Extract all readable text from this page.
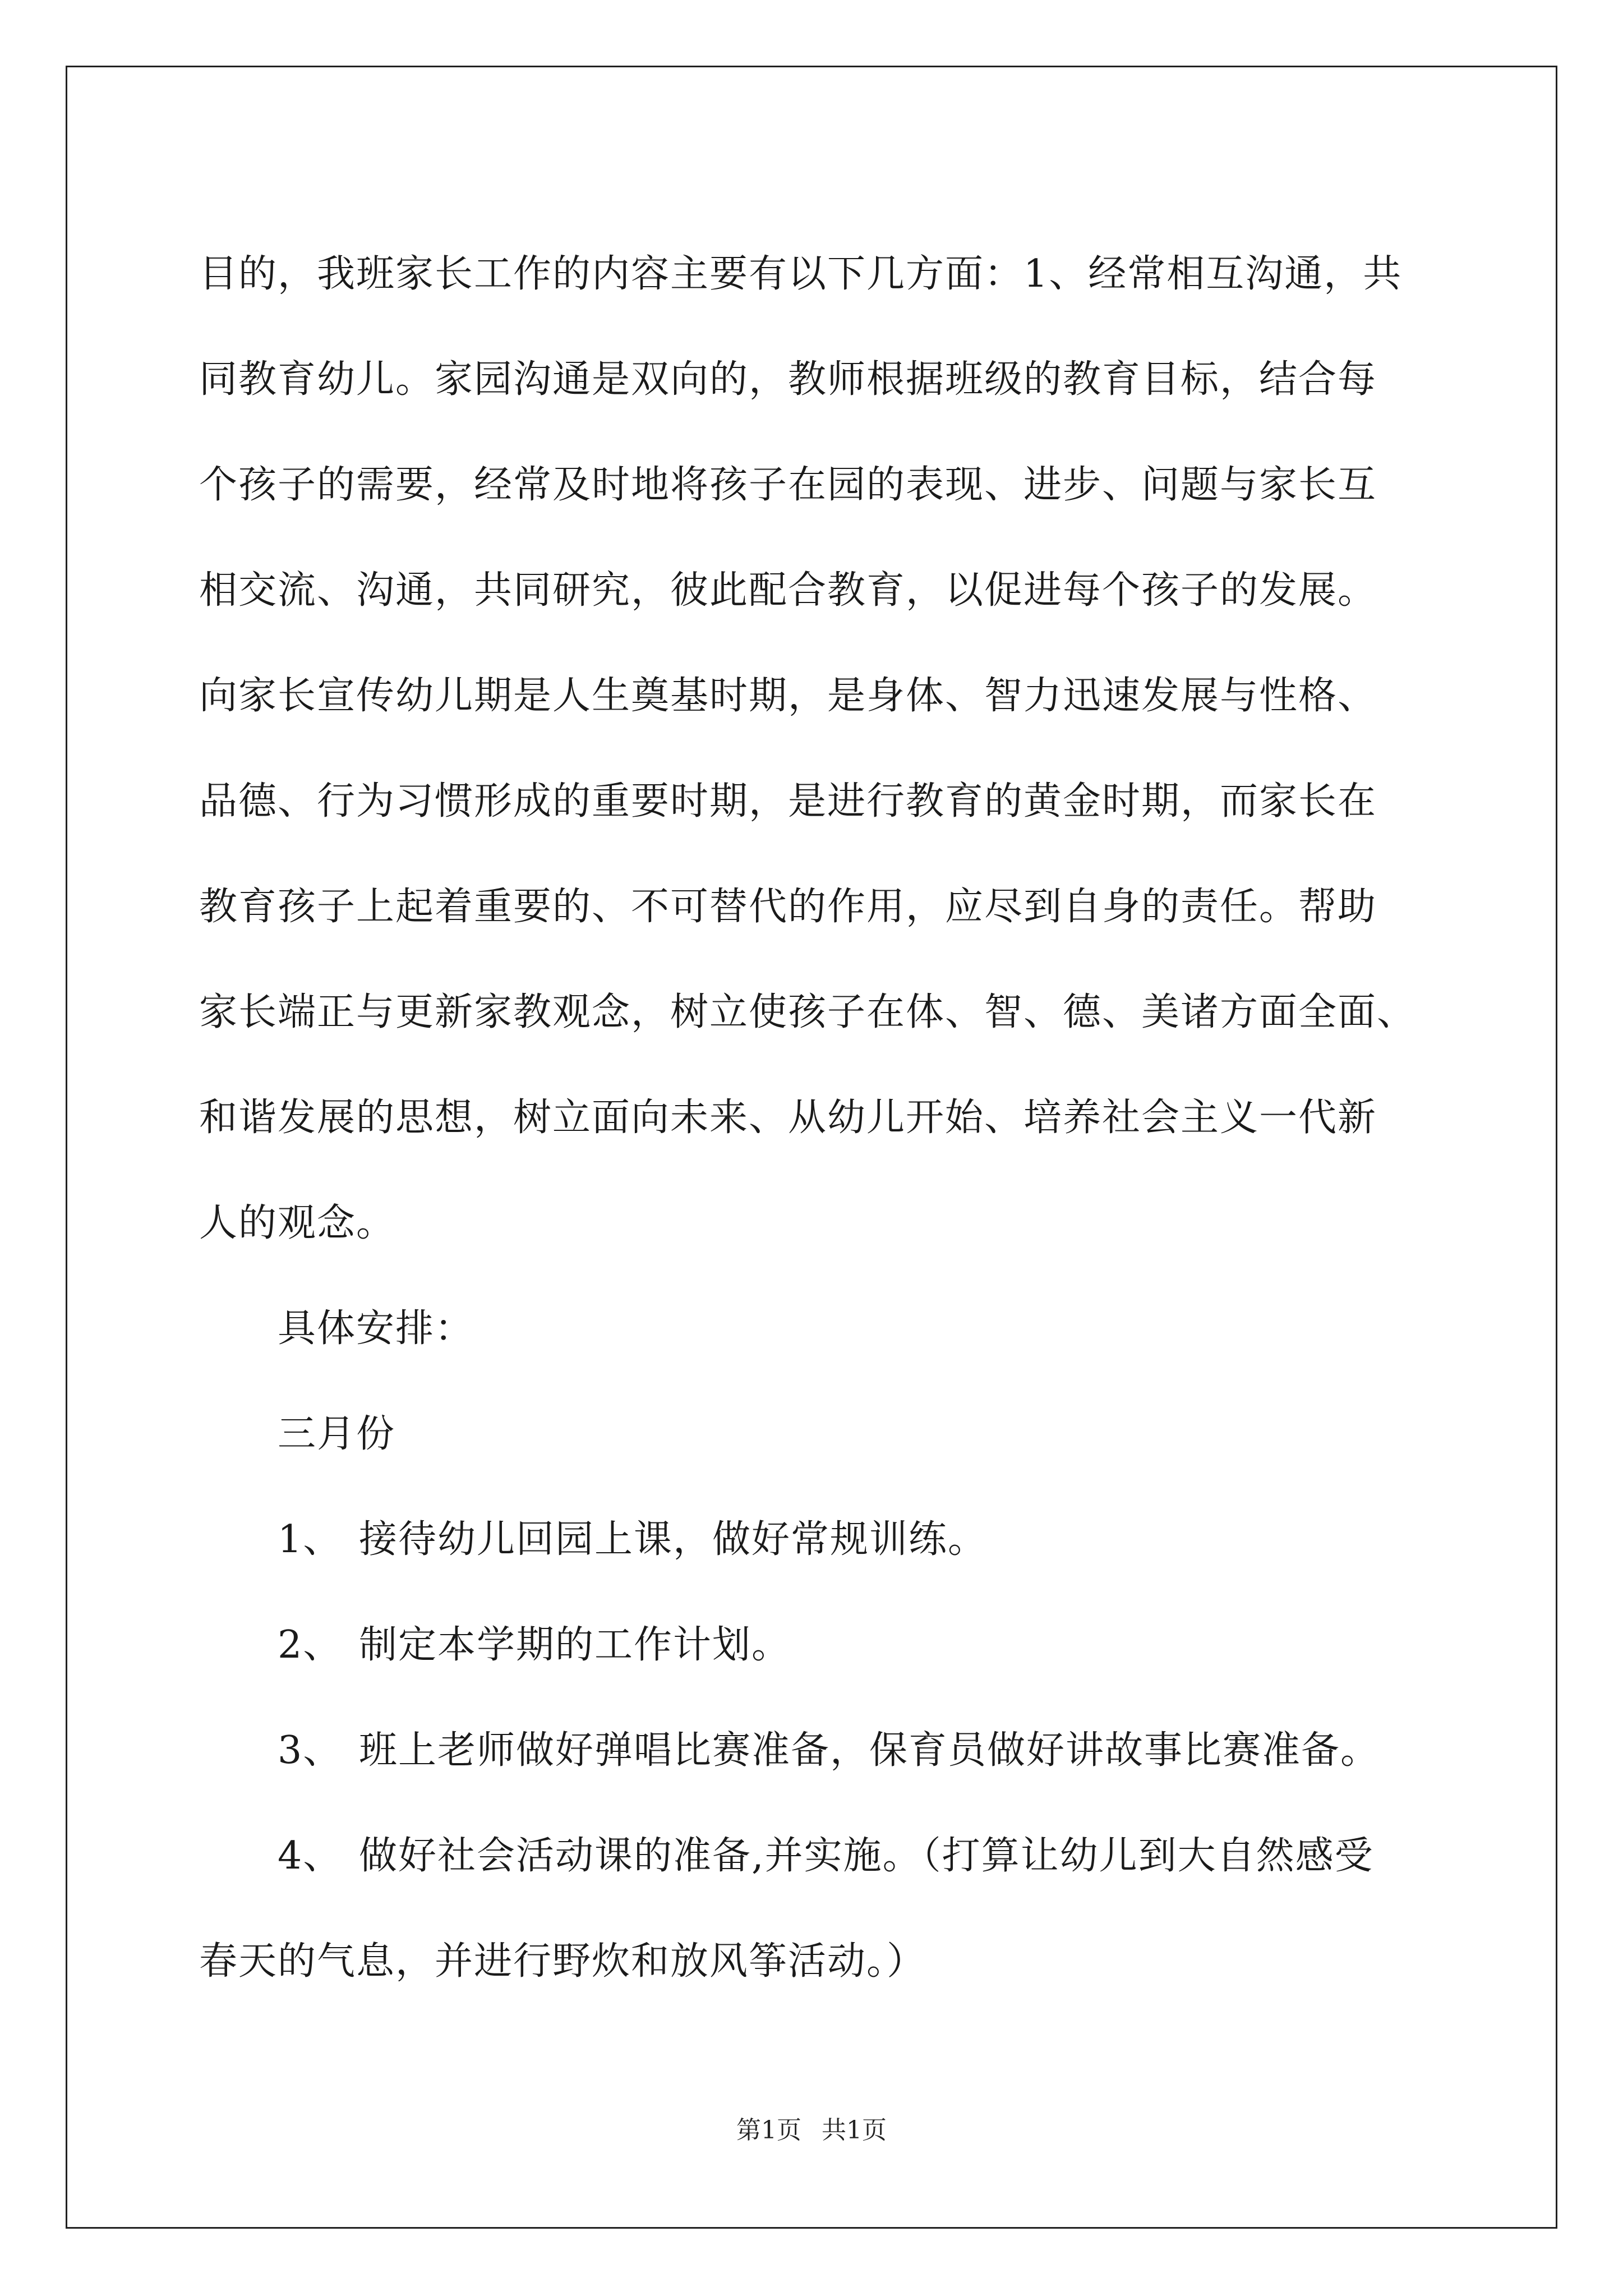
目的，我班家长工作的内容主要有以下几方面：1、经常相互沟通，共
同教育幼儿。家园沟通是双向的，教师根据班级的教育目标，结合每
个孩子的需要，经常及时地将孩子在园的表现、进步、问题与家长互
相交流、沟通，共同研究，彼此配合教育，以促进每个孩子的发展。
向家长宣传幼儿期是人生奠基时期，是身体、智力迅速发展与性格、
品德、行为习惯形成的重要时期，是进行教育的黄金时期，而家长在
教育孩子上起着重要的、不可替代的作用，应尽到自身的责任。帮助
家长端正与更新家教观念，树立使孩子在体、智、德、美诸方面全面、
和谐发展的思想，树立面向未来、从幼儿开始、培养社会主义一代新
人的观念。
具体安排：
三月份
1、 接待幼儿回园上课，做好常规训练。
2、 制定本学期的工作计划。
3、 班上老师做好弹唱比赛准备，保育员做好讲故事比赛准备。
4、 做好社会活动课的准备,并实施。（打算让幼儿到大自然感受
春天的气息，并进行野炊和放风筝活动。）
第1页 共1页
